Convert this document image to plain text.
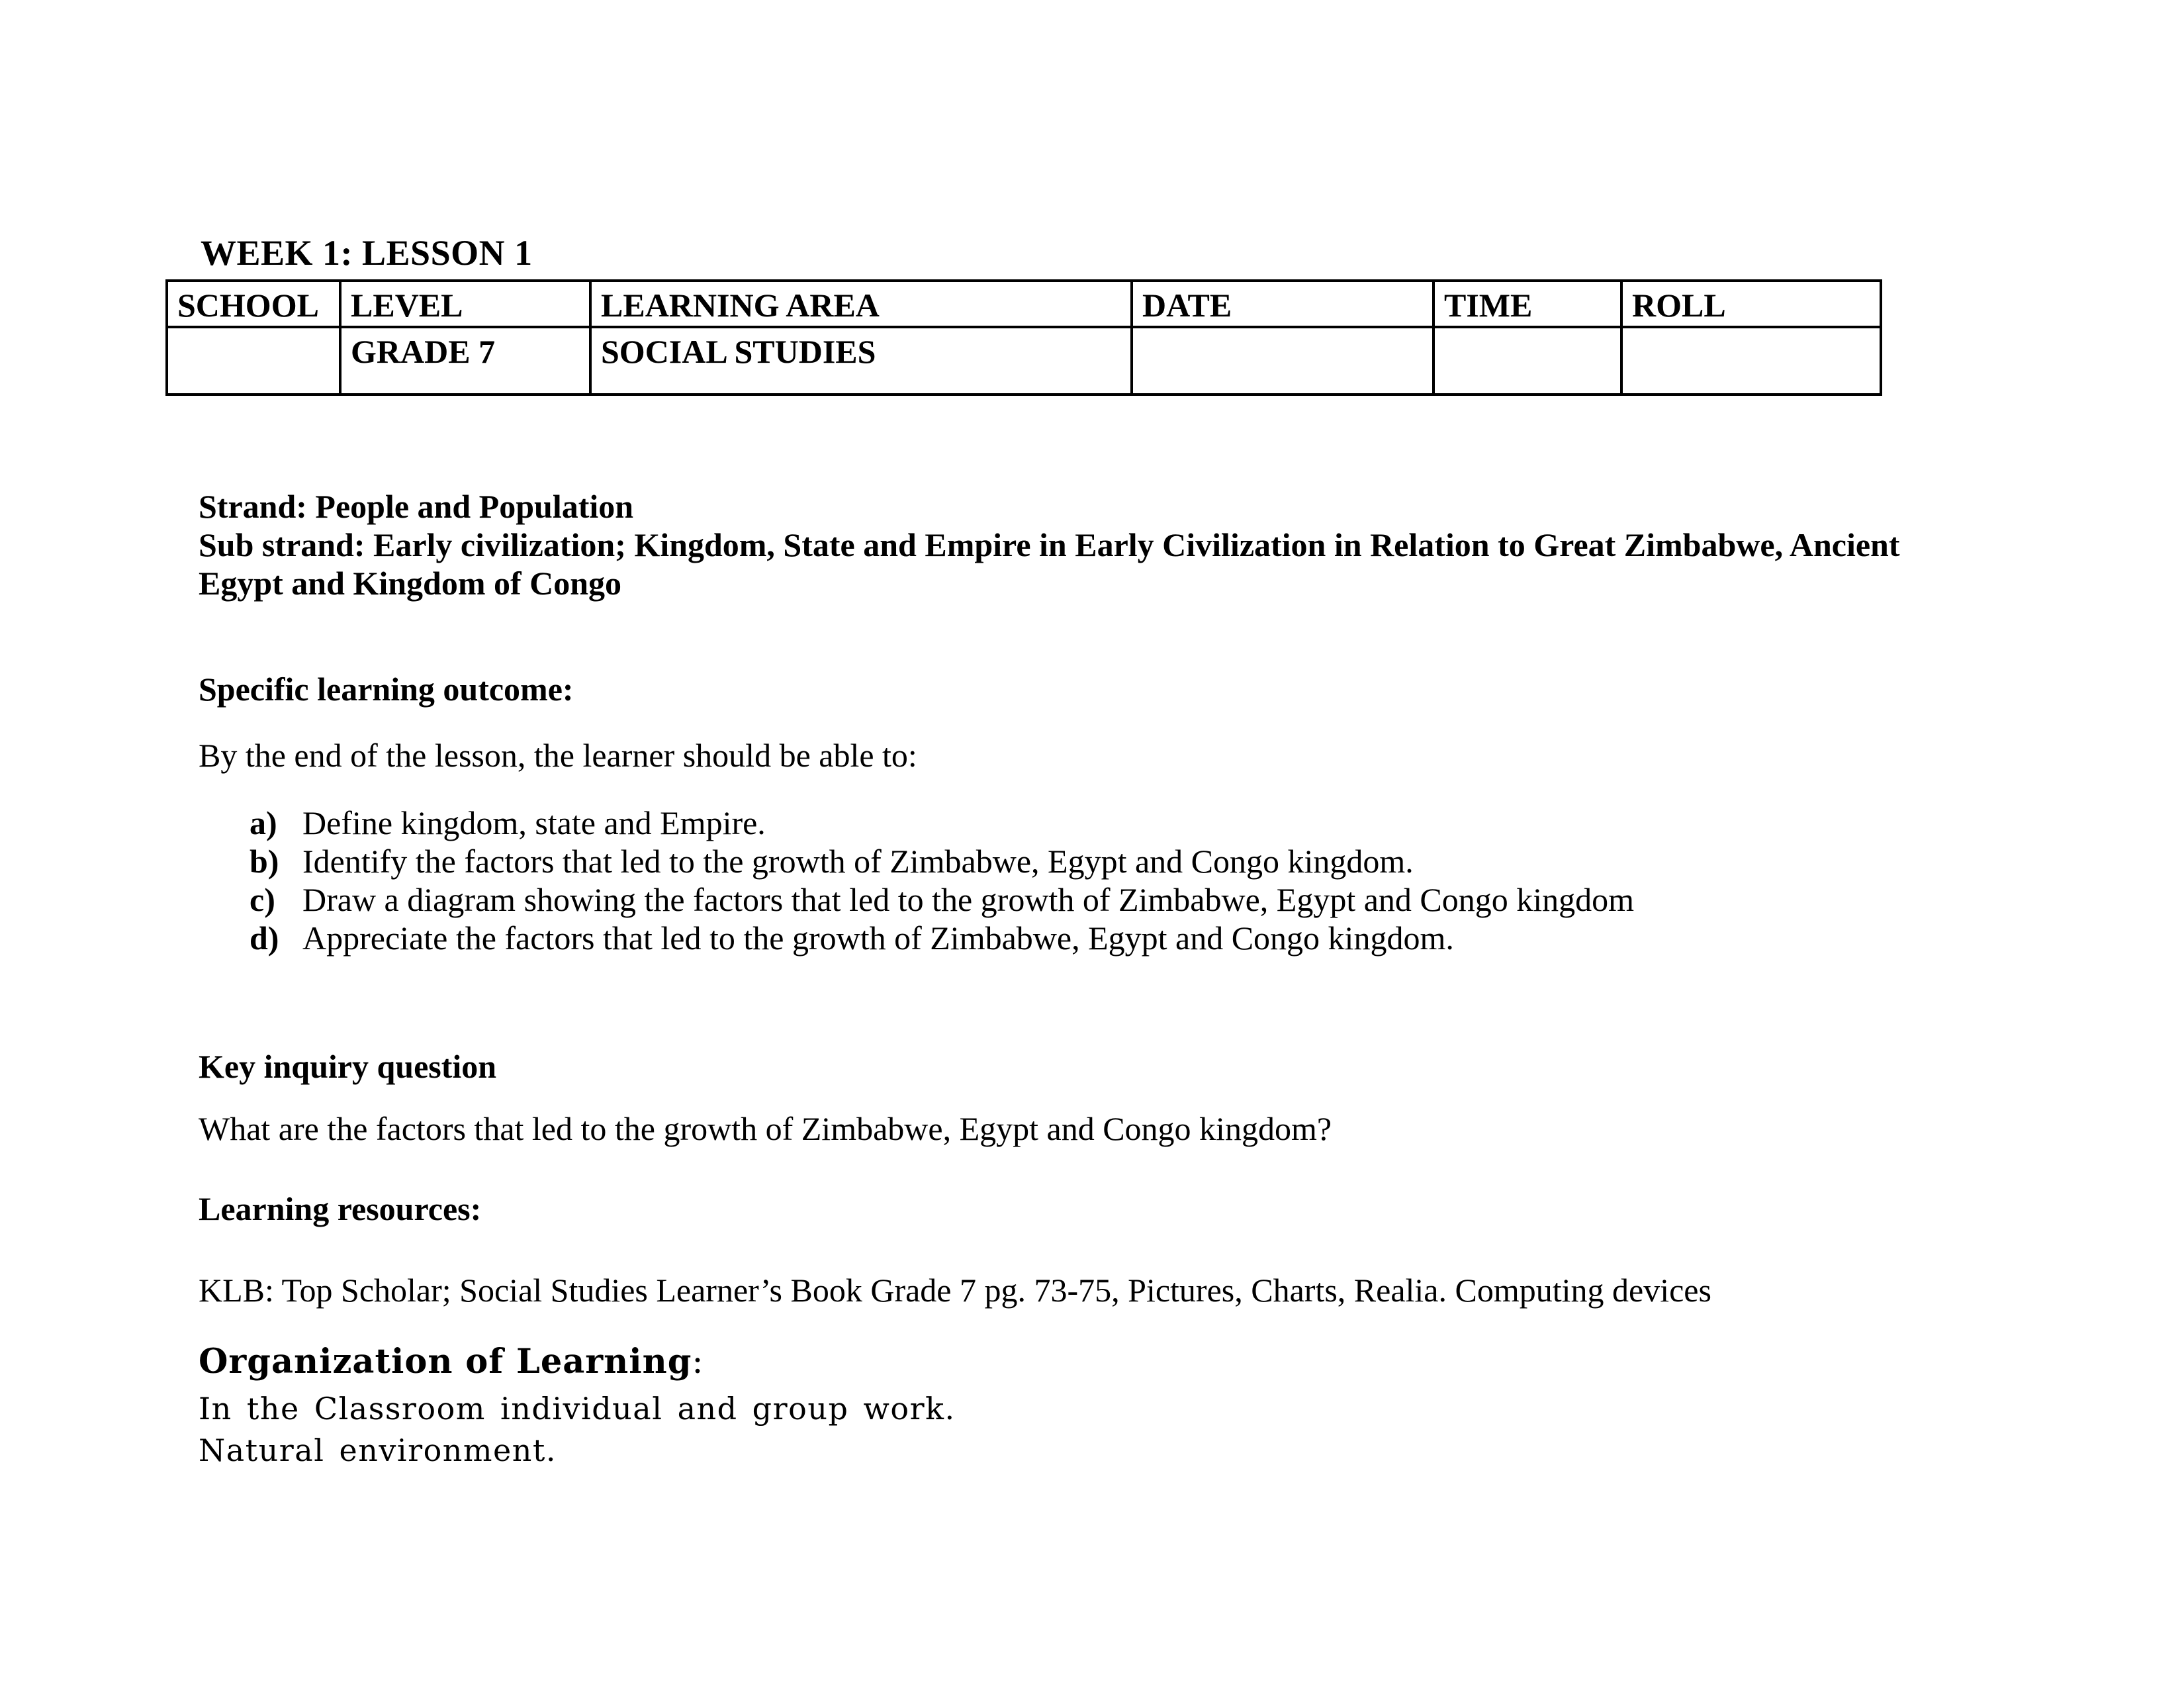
WEEK 1: LESSON 1
SCHOOL	LEVEL	LEARNING AREA	DATE	TIME	ROLL
	GRADE 7	SOCIAL STUDIES			
Strand: People and Population
Sub strand: Early civilization; Kingdom, State and Empire in Early Civilization in Relation to Great Zimbabwe, Ancient
Egypt and Kingdom of Congo
Specific learning outcome:
By the end of the lesson, the learner should be able to:
a) Define kingdom, state and Empire.
b) Identify the factors that led to the growth of Zimbabwe, Egypt and Congo kingdom.
c) Draw a diagram showing the factors that led to the growth of Zimbabwe, Egypt and Congo kingdom
d) Appreciate the factors that led to the growth of Zimbabwe, Egypt and Congo kingdom.
Key inquiry question
What are the factors that led to the growth of Zimbabwe, Egypt and Congo kingdom?
Learning resources:
KLB: Top Scholar; Social Studies Learner’s Book Grade 7 pg. 73-75, Pictures, Charts, Realia. Computing devices
Organization of Learning:
In the Classroom individual and group work.
Natural environment.
